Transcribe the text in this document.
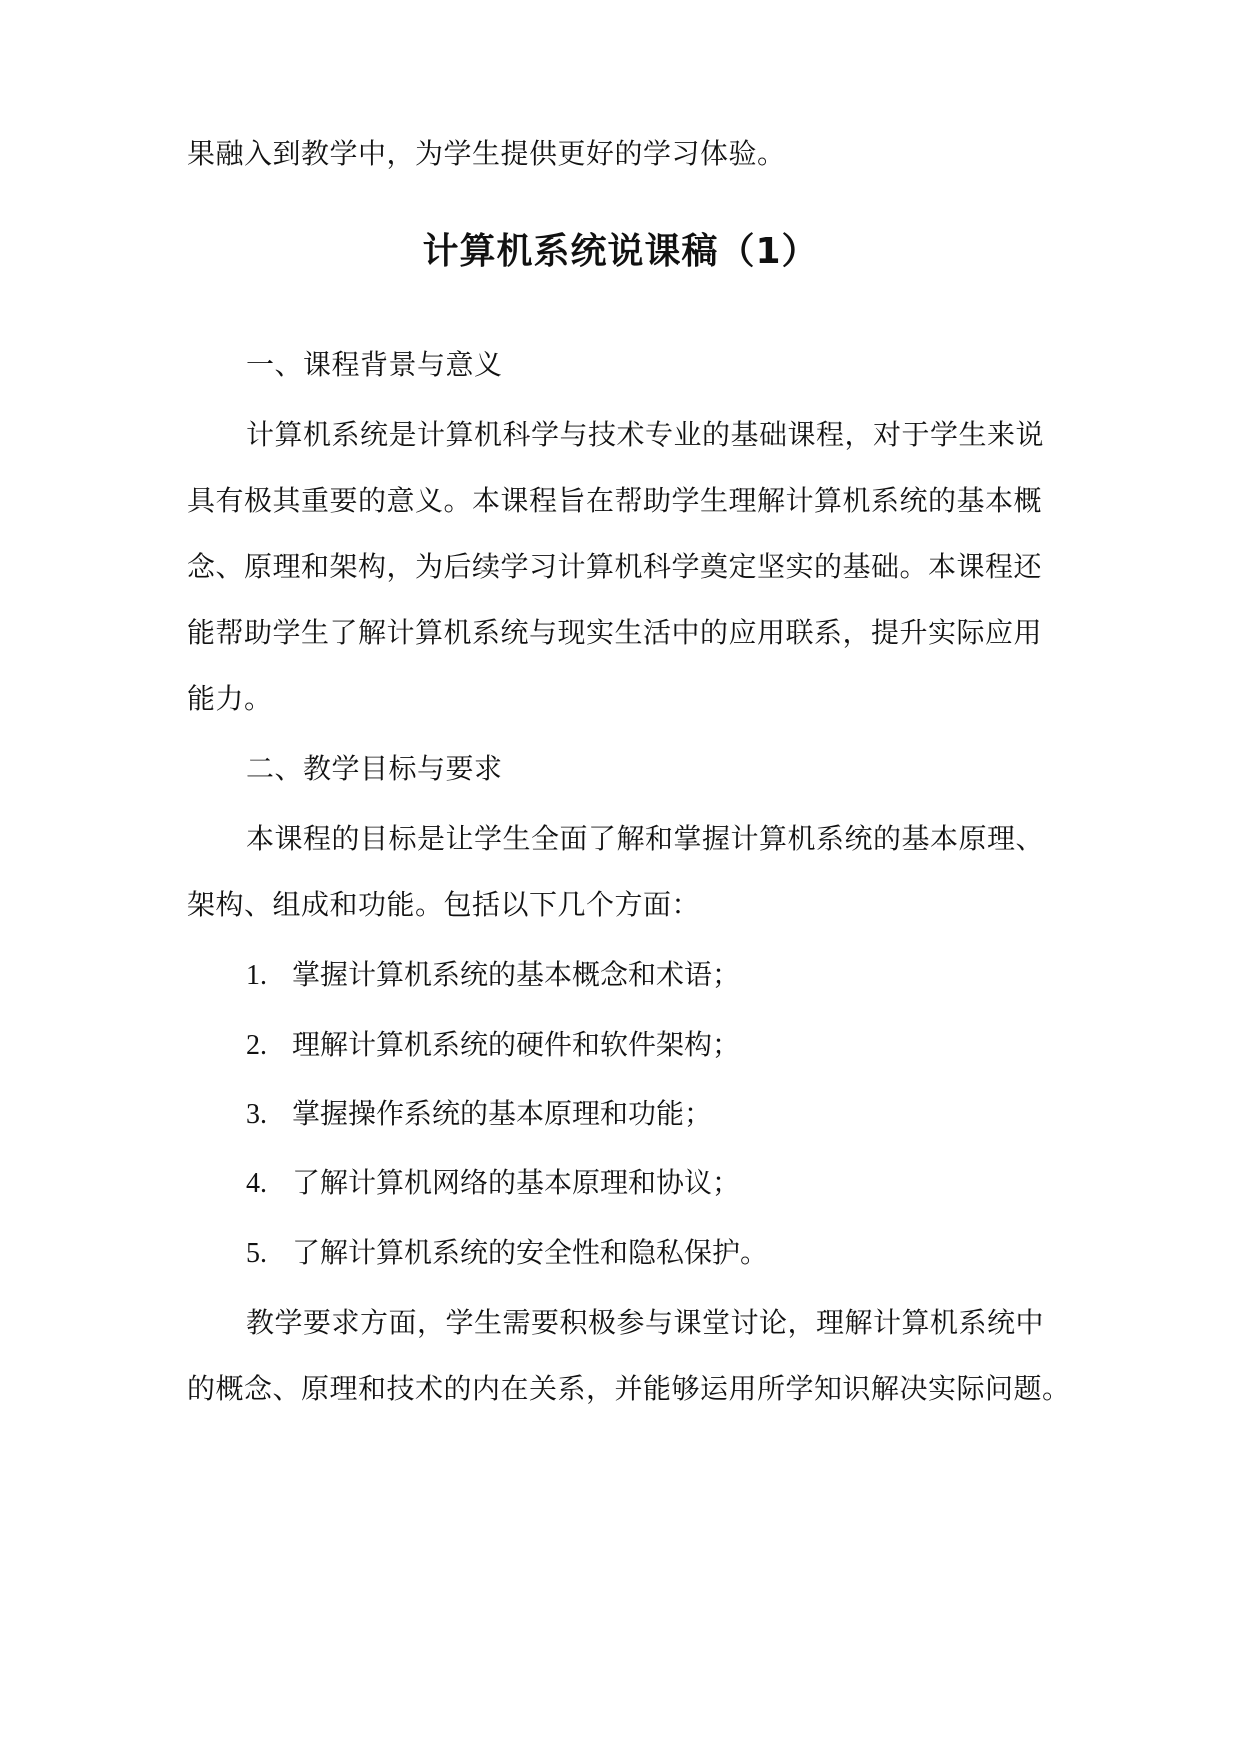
果融入到教学中，为学生提供更好的学习体验。
计算机系统说课稿（1）
一、课程背景与意义
计算机系统是计算机科学与技术专业的基础课程，对于学生来说
具有极其重要的意义。本课程旨在帮助学生理解计算机系统的基本概
念、原理和架构，为后续学习计算机科学奠定坚实的基础。本课程还
能帮助学生了解计算机系统与现实生活中的应用联系，提升实际应用
能力。
二、教学目标与要求
本课程的目标是让学生全面了解和掌握计算机系统的基本原理、
架构、组成和功能。包括以下几个方面：
1. 掌握计算机系统的基本概念和术语；
2. 理解计算机系统的硬件和软件架构；
3. 掌握操作系统的基本原理和功能；
4. 了解计算机网络的基本原理和协议；
5. 了解计算机系统的安全性和隐私保护。
教学要求方面，学生需要积极参与课堂讨论，理解计算机系统中
的概念、原理和技术的内在关系，并能够运用所学知识解决实际问题。
